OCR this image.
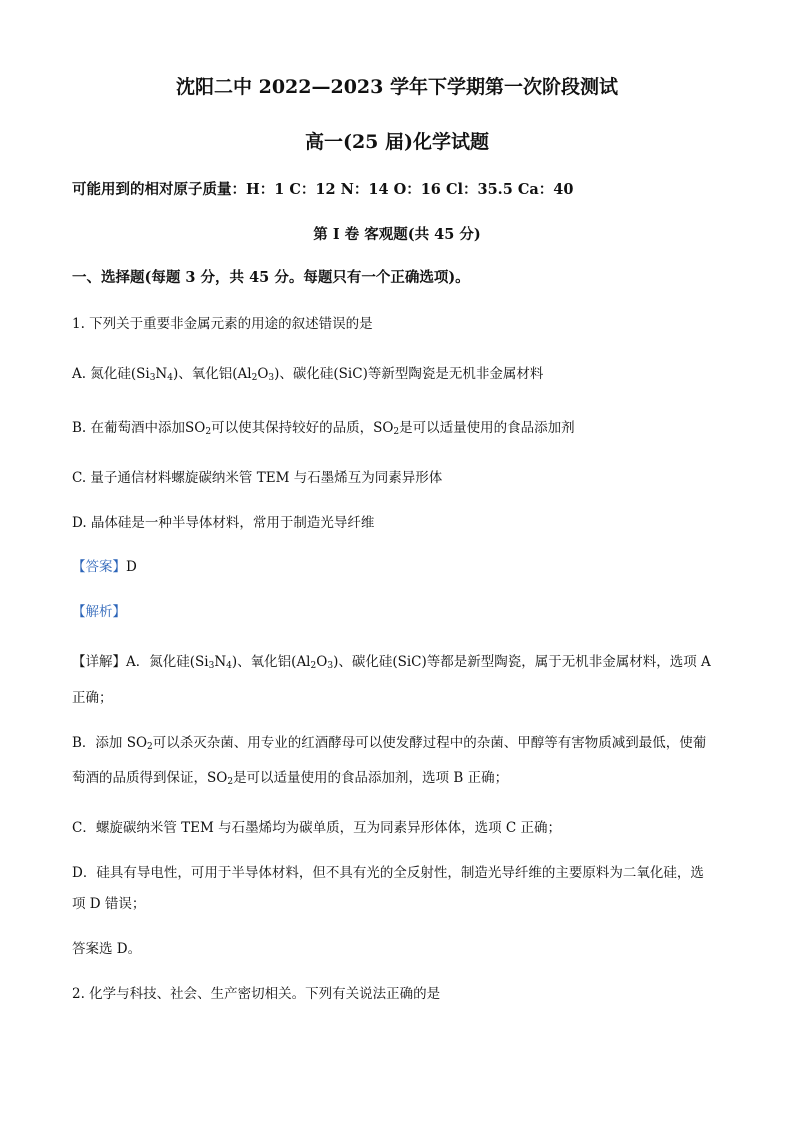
沈阳二中 2022—2023 学年下学期第一次阶段测试
高一(25 届)化学试题
可能用到的相对原子质量：H：1 C：12 N：14 O：16 Cl：35.5 Ca：40
第 I 卷 客观题(共 45 分)
一、选择题(每题 3 分，共 45 分。每题只有一个正确选项)。
1. 下列关于重要非金属元素的用途的叙述错误的是
A. 氮化硅$(Si_3N_4)$、氧化铝$(Al_2O_3)$、碳化硅(SiC)等新型陶瓷是无机非金属材料
B. 在葡萄酒中添加$SO_2$可以使其保持较好的品质，$SO_2$是可以适量使用的食品添加剂
C. 量子通信材料螺旋碳纳米管 TEM 与石墨烯互为同素异形体
D. 晶体硅是一种半导体材料，常用于制造光导纤维
【答案】D
【解析】
【详解】A．氮化硅$(Si_3N_4)$、氧化铝$(Al_2O_3)$、碳化硅(SiC)等都是新型陶瓷，属于无机非金属材料，选项 A
正确；
B．添加 $SO_2$可以杀灭杂菌、用专业的红酒酵母可以使发酵过程中的杂菌、甲醇等有害物质减到最低，使葡
萄酒的品质得到保证，$SO_2$是可以适量使用的食品添加剂，选项 B 正确；
C．螺旋碳纳米管 TEM 与石墨烯均为碳单质，互为同素异形体体，选项 C 正确；
D．硅具有导电性，可用于半导体材料，但不具有光的全反射性，制造光导纤维的主要原料为二氧化硅，选
项 D 错误；
答案选 D。
2. 化学与科技、社会、生产密切相关。下列有关说法正确的是
